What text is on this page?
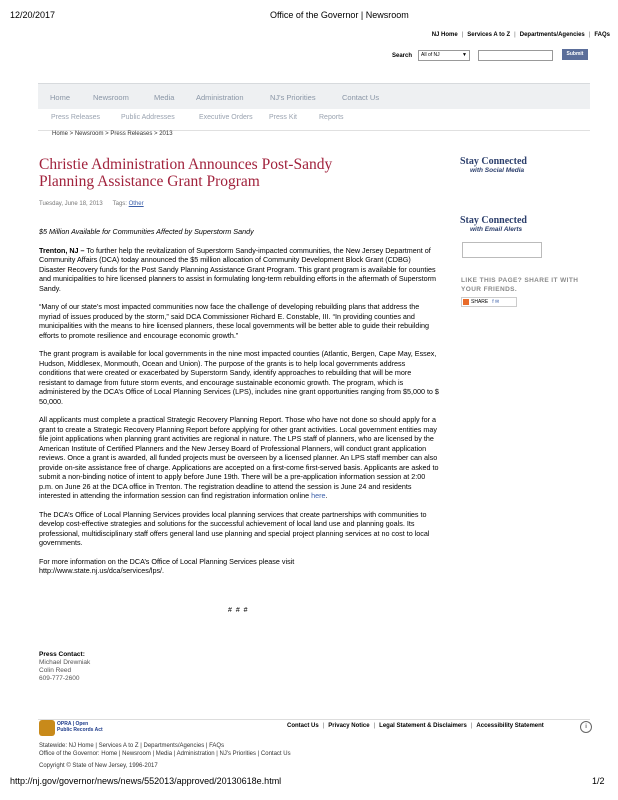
12/20/2017	Office of the Governor | Newsroom
NJ Home | Services A to Z | Departments/Agencies | FAQs
Search	All of NJ	▼	Submit
Home	Newsroom	Media	Administration	NJ's Priorities	Contact Us
Press Releases	Public Addresses	Executive Orders Press Kit	Reports
Home > Newsroom > Press Releases > 2013
Christie Administration Announces Post-Sandy Planning Assistance Grant Program
Tuesday, June 18, 2013 Tags: Other

$5 Million Available for Communities Affected by Superstorm Sandy

Trenton, NJ – To further help the revitalization of Superstorm Sandy-impacted communities, the New Jersey Department of Community Affairs (DCA) today announced the $5 million allocation of Community Development Block Grant (CDBG) Disaster Recovery funds for the Post Sandy Planning Assistance Grant Program. This grant program is available for counties and municipalities to hire licensed planners to assist in formulating long-term rebuilding efforts in the aftermath of Superstorm Sandy.

“Many of our state’s most impacted communities now face the challenge of developing rebuilding plans that address the myriad of issues produced by the storm,” said DCA Commissioner Richard E. Constable, III. “In providing counties and municipalities with the means to hire licensed planners, these local governments will be better able to guide their rebuilding efforts to promote resilience and encourage economic growth.”

The grant program is available for local governments in the nine most impacted counties (Atlantic, Bergen, Cape May, Essex, Hudson, Middlesex, Monmouth, Ocean and Union). The purpose of the grants is to help local governments address conditions that were created or exacerbated by Superstorm Sandy, identify approaches to rebuilding that will be more resistant to damage from future storm events, and encourage sustainable economic growth. The program, which is administered by the DCA’s Office of Local Planning Services (LPS), includes nine grant opportunities ranging from $5,000 to $ 50,000.

All applicants must complete a practical Strategic Recovery Planning Report. Those who have not done so should apply for a grant to create a Strategic Recovery Planning Report before applying for other grant activities. Local government entities may file joint applications when planning grant activities are regional in nature. The LPS staff of planners, who are licensed by the American Institute of Certified Planners and the New Jersey Board of Professional Planners, will conduct grant application reviews. Once a grant is awarded, all funded projects must be overseen by a licensed planner. An LPS staff member can also provide on-site assistance free of charge. Applications are accepted on a first-come first-served basis. Applicants are asked to submit a non-binding notice of intent to apply before June 19th. There will be a pre-application information session at 2:00 p.m. on June 26 at the DCA office in Trenton. The registration deadline to attend the session is June 24 and residents interested in attending the information session can find registration information online here.

The DCA’s Office of Local Planning Services provides local planning services that create partnerships with communities to develop cost-effective strategies and solutions for the successful achievement of local land use and planning goals. Its professional, multidisciplinary staff offers general land use planning and special project planning services at no cost to local governments.

For more information on the DCA’s Office of Local Planning Services please visit
http://www.state.nj.us/dca/services/lps/.

# # #
Press Contact:
Michael Drewniak
Colin Reed
609-777-2600
Stay Connected
with Social Media
Stay Connected
with Email Alerts
LIKE THIS PAGE? SHARE IT WITH YOUR FRIENDS.
SHARE f ✉
OPRA | Open
Public Records Act
Contact Us | Privacy Notice | Legal Statement & Disclaimers | Accessibility Statement	i
Statewide: NJ Home | Services A to Z | Departments/Agencies | FAQs
Office of the Governor: Home | Newsroom | Media | Administration | NJ's Priorities | Contact Us
Copyright © State of New Jersey, 1996-2017
http://nj.gov/governor/news/news/552013/approved/20130618e.html	1/2
